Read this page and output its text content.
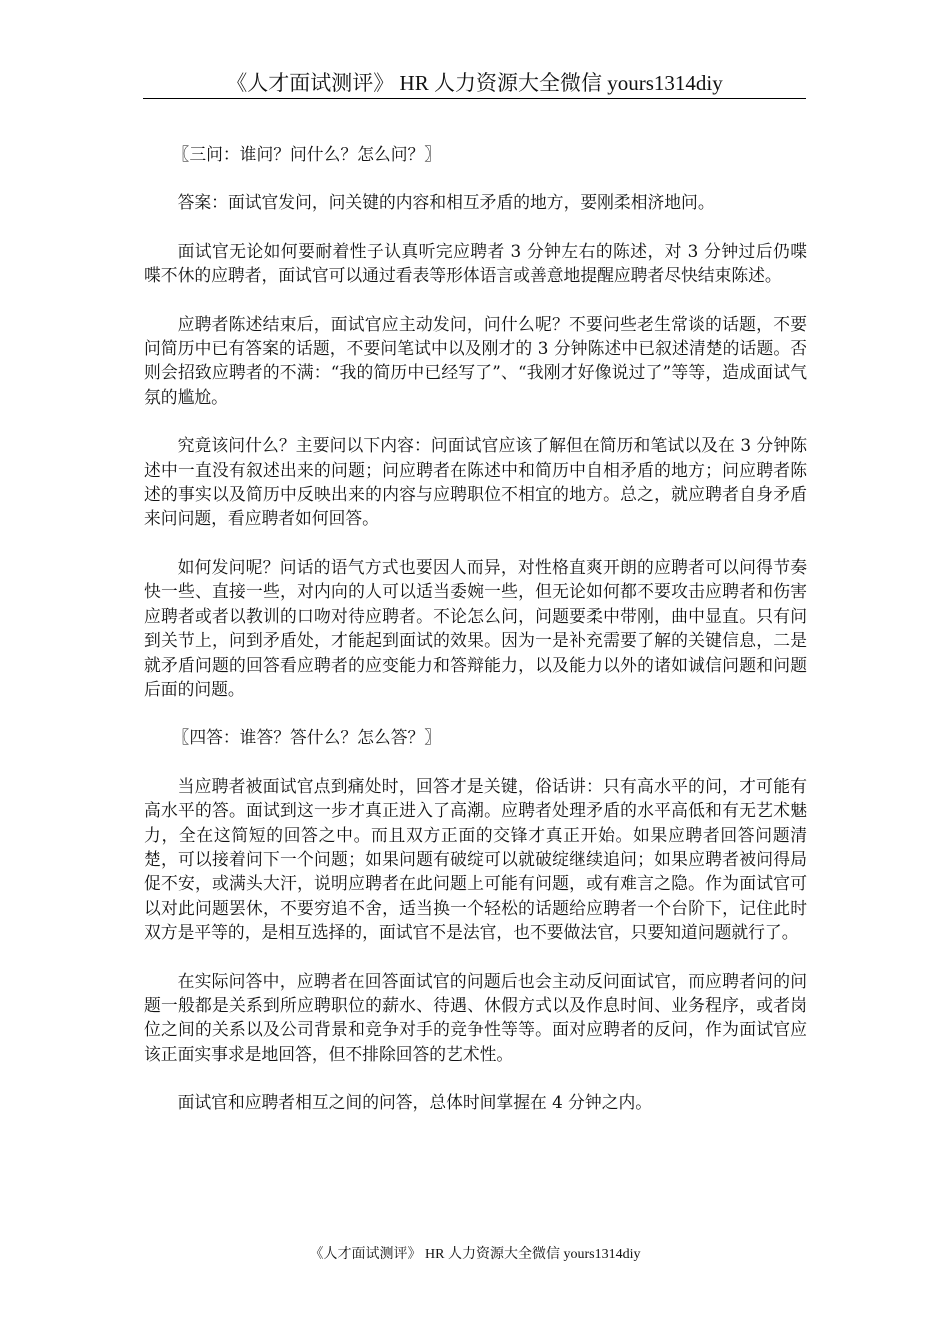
《人才面试测评》 HR 人力资源大全微信 yours1314diy

〖三问：谁问？问什么？怎么问？〗

答案：面试官发问，问关键的内容和相互矛盾的地方，要刚柔相济地问。

面试官无论如何要耐着性子认真听完应聘者 3 分钟左右的陈述，对 3 分钟过后仍喋喋不休的应聘者，面试官可以通过看表等形体语言或善意地提醒应聘者尽快结束陈述。

应聘者陈述结束后，面试官应主动发问，问什么呢？不要问些老生常谈的话题，不要问简历中已有答案的话题，不要问笔试中以及刚才的 3 分钟陈述中已叙述清楚的话题。否则会招致应聘者的不满：“我的简历中已经写了”、“我刚才好像说过了”等等，造成面试气氛的尴尬。

究竟该问什么？主要问以下内容：问面试官应该了解但在简历和笔试以及在 3 分钟陈述中一直没有叙述出来的问题；问应聘者在陈述中和简历中自相矛盾的地方；问应聘者陈述的事实以及简历中反映出来的内容与应聘职位不相宜的地方。总之，就应聘者自身矛盾来问问题，看应聘者如何回答。

如何发问呢？问话的语气方式也要因人而异，对性格直爽开朗的应聘者可以问得节奏快一些、直接一些，对内向的人可以适当委婉一些，但无论如何都不要攻击应聘者和伤害应聘者或者以教训的口吻对待应聘者。不论怎么问，问题要柔中带刚，曲中显直。只有问到关节上，问到矛盾处，才能起到面试的效果。因为一是补充需要了解的关键信息，二是就矛盾问题的回答看应聘者的应变能力和答辩能力，以及能力以外的诸如诚信问题和问题后面的问题。

〖四答：谁答？答什么？怎么答？〗

当应聘者被面试官点到痛处时，回答才是关键，俗话讲：只有高水平的问，才可能有高水平的答。面试到这一步才真正进入了高潮。应聘者处理矛盾的水平高低和有无艺术魅力，全在这简短的回答之中。而且双方正面的交锋才真正开始。如果应聘者回答问题清楚，可以接着问下一个问题；如果问题有破绽可以就破绽继续追问；如果应聘者被问得局促不安，或满头大汗，说明应聘者在此问题上可能有问题，或有难言之隐。作为面试官可以对此问题罢休，不要穷追不舍，适当换一个轻松的话题给应聘者一个台阶下，记住此时双方是平等的，是相互选择的，面试官不是法官，也不要做法官，只要知道问题就行了。

在实际问答中，应聘者在回答面试官的问题后也会主动反问面试官，而应聘者问的问题一般都是关系到所应聘职位的薪水、待遇、休假方式以及作息时间、业务程序，或者岗位之间的关系以及公司背景和竞争对手的竞争性等等。面对应聘者的反问，作为面试官应该正面实事求是地回答，但不排除回答的艺术性。

面试官和应聘者相互之间的问答，总体时间掌握在 4 分钟之内。

《人才面试测评》 HR 人力资源大全微信 yours1314diy
